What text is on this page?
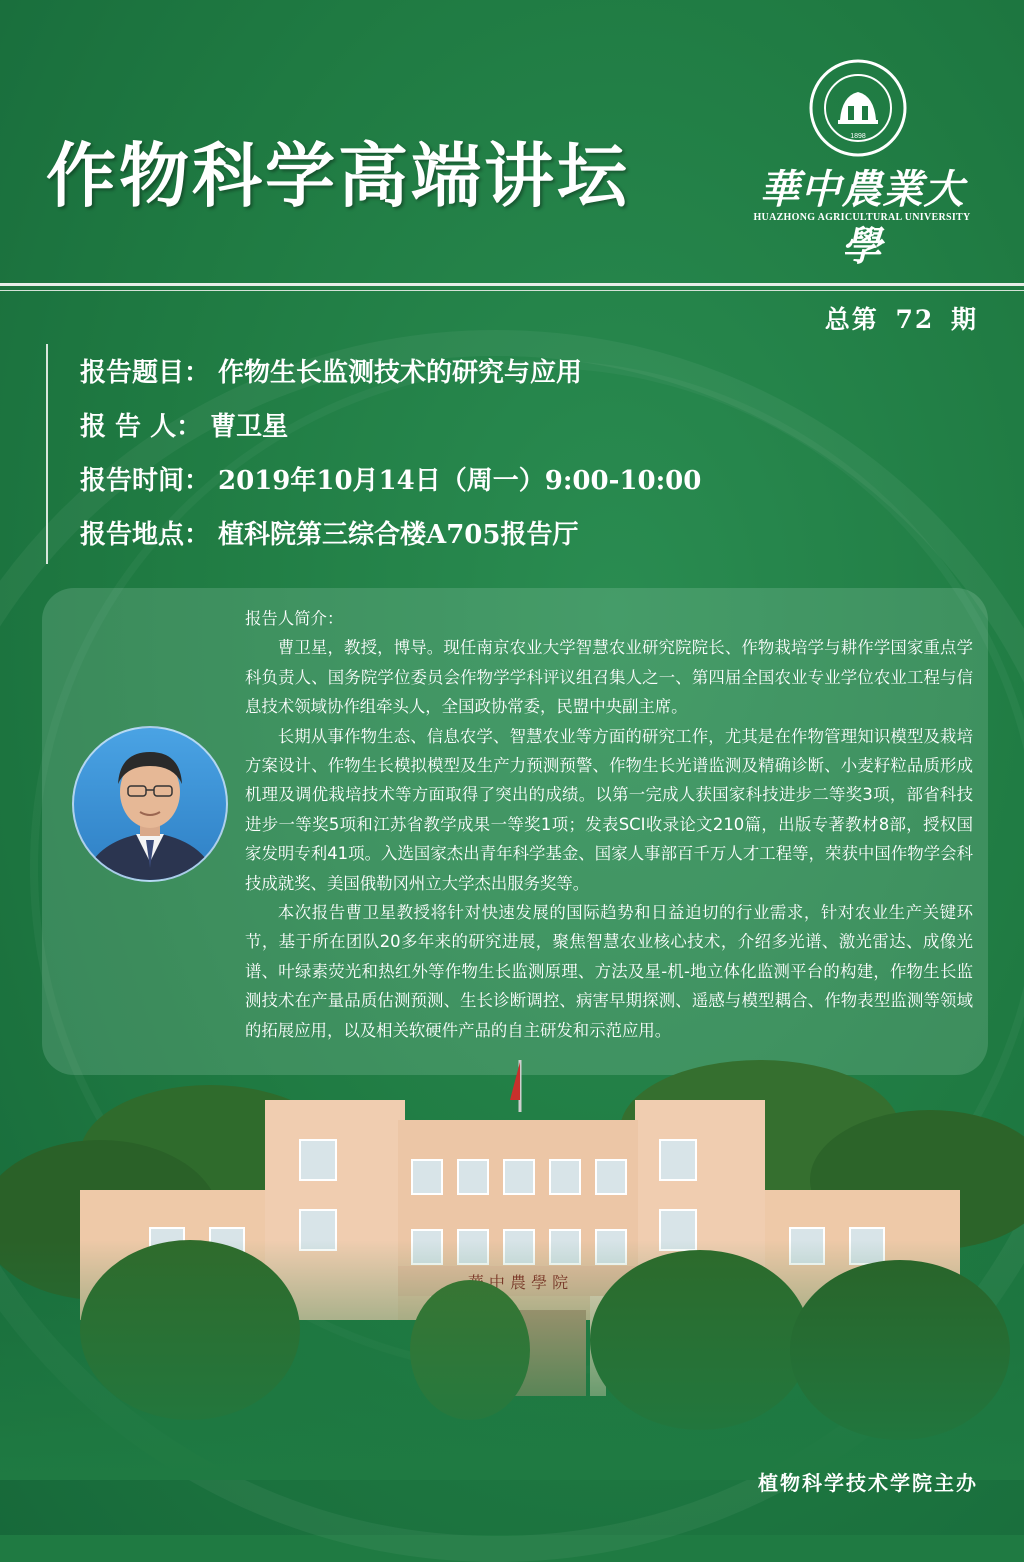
作物科学高端讲坛	1898
華中農業大學
HUAZHONG AGRICULTURAL UNIVERSITY
总第 72 期
报告题目： 作物生长监测技术的研究与应用
报 告 人： 曹卫星
报告时间： 2019年10月14日（周一）9:00-10:00
报告地点： 植科院第三综合楼A705报告厅

报告人简介：

曹卫星，教授，博导。现任南京农业大学智慧农业研究院院长、作物栽培学与耕作学国家重点学科负责人、国务院学位委员会作物学学科评议组召集人之一、第四届全国农业专业学位农业工程与信息技术领域协作组牵头人，全国政协常委，民盟中央副主席。

长期从事作物生态、信息农学、智慧农业等方面的研究工作，尤其是在作物管理知识模型及栽培方案设计、作物生长模拟模型及生产力预测预警、作物生长光谱监测及精确诊断、小麦籽粒品质形成机理及调优栽培技术等方面取得了突出的成绩。以第一完成人获国家科技进步二等奖3项，部省科技进步一等奖5项和江苏省教学成果一等奖1项；发表SCI收录论文210篇，出版专著教材8部，授权国家发明专利41项。入选国家杰出青年科学基金、国家人事部百千万人才工程等，荣获中国作物学会科技成就奖、美国俄勒冈州立大学杰出服务奖等。

本次报告曹卫星教授将针对快速发展的国际趋势和日益迫切的行业需求，针对农业生产关键环节，基于所在团队20多年来的研究进展，聚焦智慧农业核心技术，介绍多光谱、激光雷达、成像光谱、叶绿素荧光和热红外等作物生长监测原理、方法及星-机-地立体化监测平台的构建，作物生长监测技术在产量品质估测预测、生长诊断调控、病害早期探测、遥感与模型耦合、作物表型监测等领域的拓展应用，以及相关软硬件产品的自主研发和示范应用。

植物科学技术学院主办
